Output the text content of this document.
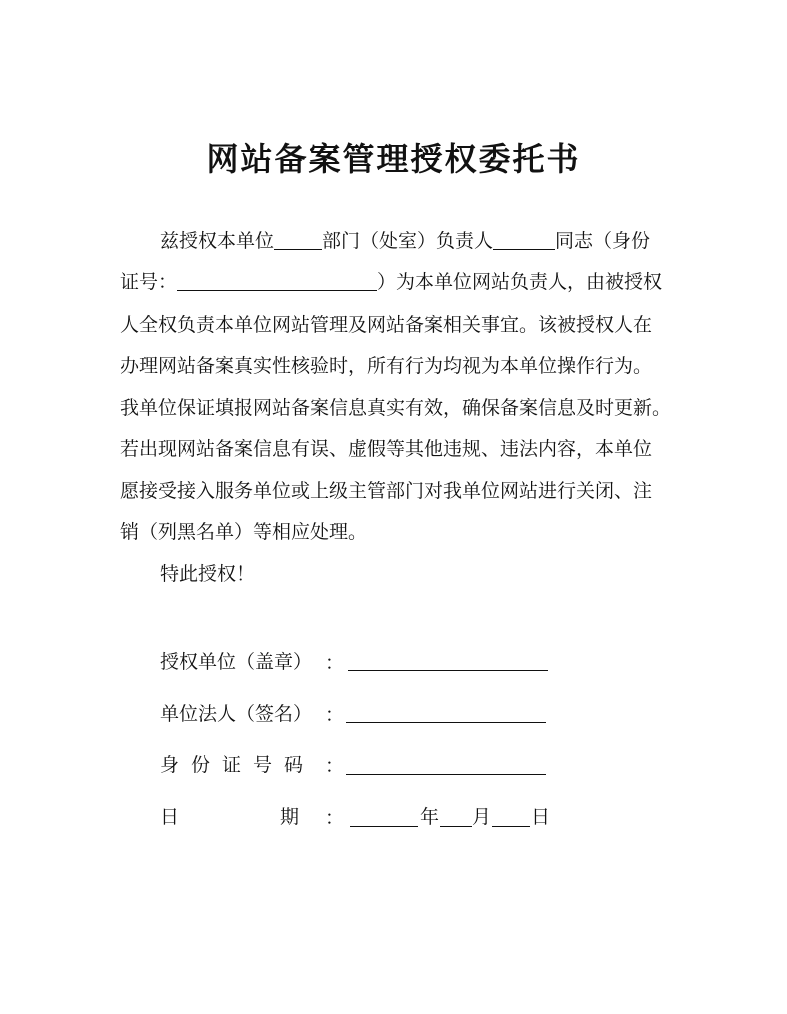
网站备案管理授权委托书
兹授权本单位	部门（处室）负责人	同志（身份
证号：	）为本单位网站负责人，由被授权
人全权负责本单位网站管理及网站备案相关事宜。该被授权人在
办理网站备案真实性核验时，所有行为均视为本单位操作行为。
我单位保证填报网站备案信息真实有效，确保备案信息及时更新。
若出现网站备案信息有误、虚假等其他违规、违法内容，本单位
愿接受接入服务单位或上级主管部门对我单位网站进行关闭、注
销（列黑名单）等相应处理。
特此授权！
授权单位（盖章） ：
单位法人（签名） ：
身份证号码 ：
日	期 ：	年 月 日
